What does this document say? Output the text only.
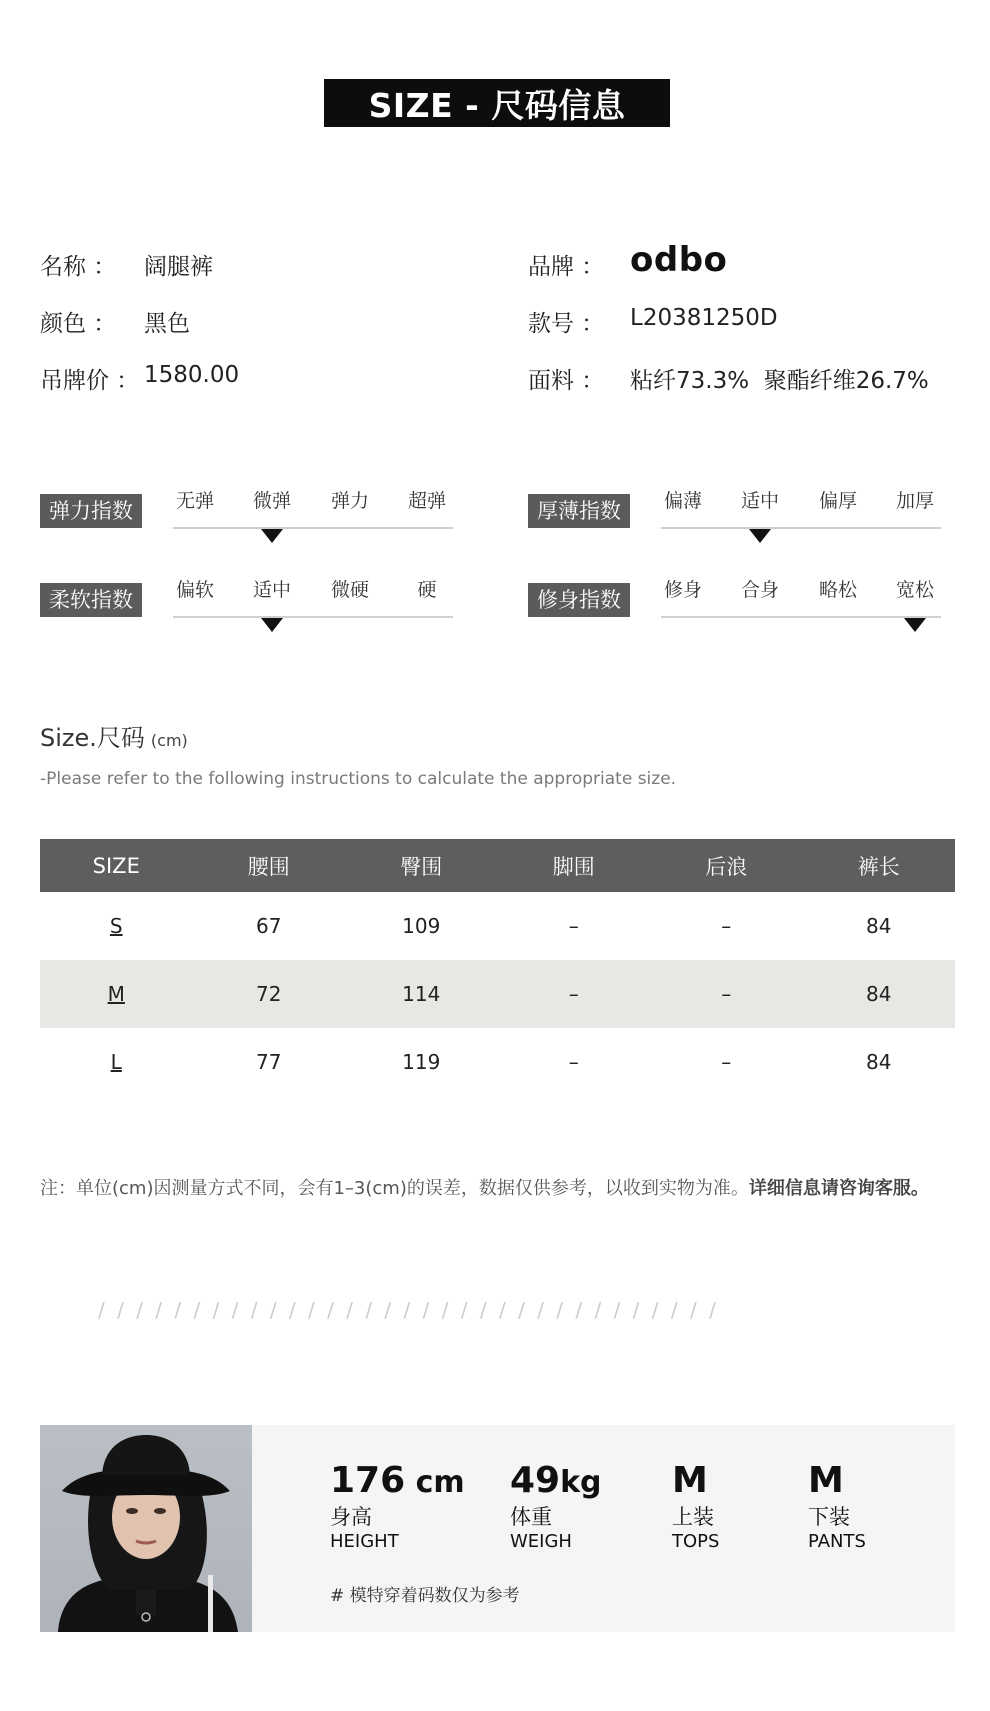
SIZE - 尺码信息
名称 ： 阔腿裤
颜色 ： 黑色
吊牌价 ： 1580.00
品牌 ： odbo
款号 ： L20381250D
面料 ： 粘纤73.3%  聚酯纤维26.7%
弹力指数	无弹 微弹 弹力 超弹	厚薄指数	偏薄 适中 偏厚 加厚
柔软指数	偏软 适中 微硬	硬	修身指数	修身 合身 略松 宽松
Size.尺码 (cm)
-Please refer to the following instructions to calculate the appropriate size.
SIZE	腰围	臀围	脚围	后浪	裤长
S	67	109	–	–	84
M	72	114	–	–	84
L	77	119	–	–	84
注：单位(cm)因测量方式不同，会有1–3(cm)的误差，数据仅供参考，以收到实物为准。详细信息请咨询客服。
/ / / / / / / / / / / / / / / / / / / / / / / / / / / / / / / / /
176 cm
身高
HEIGHT
49kg
体重
WEIGH
M
上装
TOPS
M
下装
PANTS
# 模特穿着码数仅为参考
